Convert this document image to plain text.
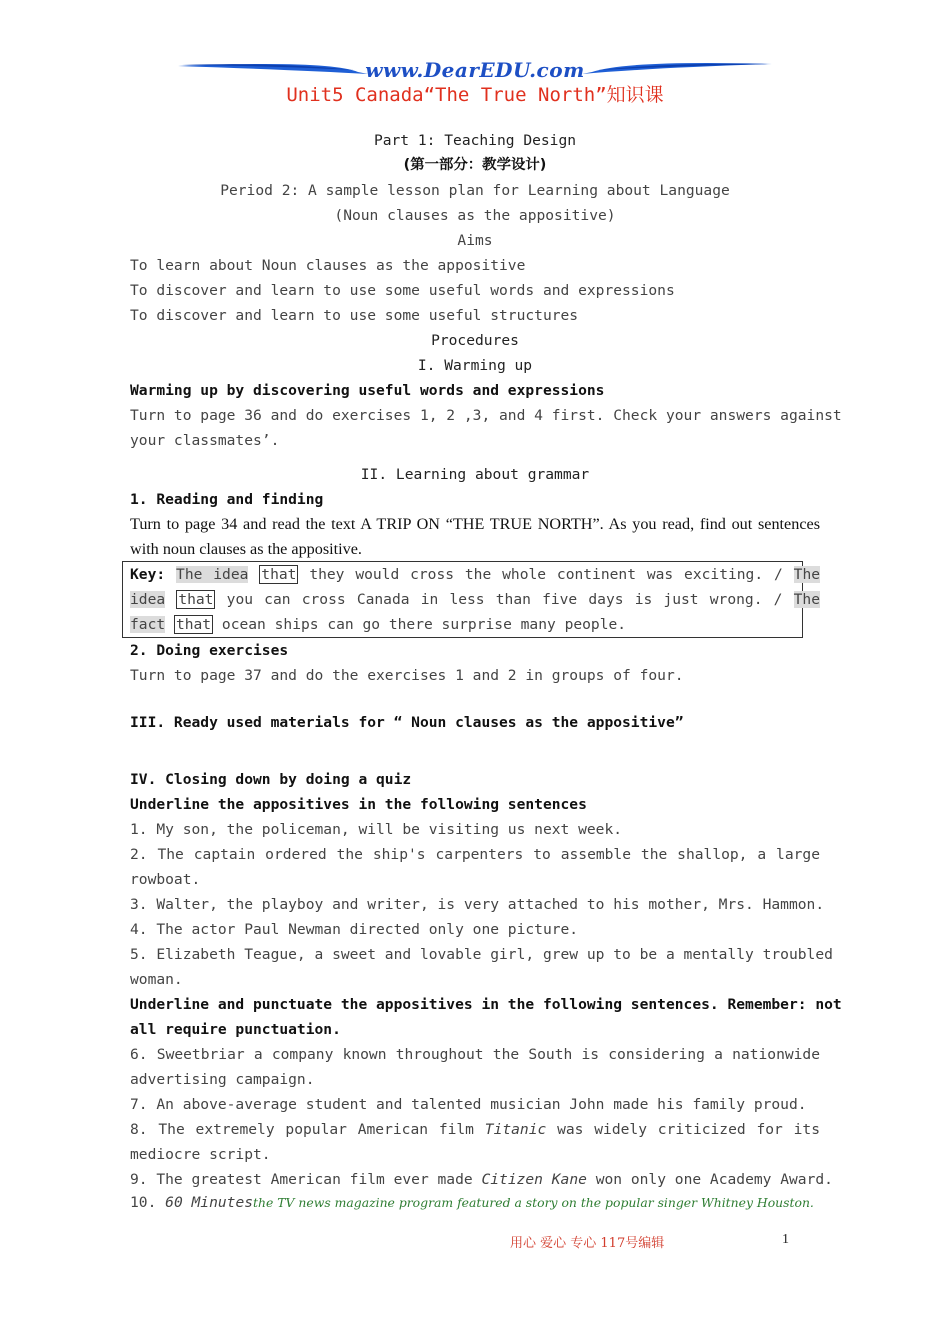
www.DearEDU.com
Unit5 Canada“The True North”知识课
Part 1: Teaching Design
(第一部分：教学设计)
Period 2: A sample lesson plan for Learning about Language
(Noun clauses as the appositive)
Aims
To learn about Noun clauses as the appositive
To discover and learn to use some useful words and expressions
To discover and learn to use some useful structures
Procedures
I. Warming up
Warming up by discovering useful words and expressions
Turn to page 36 and do exercises 1, 2 ,3, and 4 first. Check your answers against
your classmates’.
II. Learning about grammar
1. Reading and finding
Turn to page 34 and read the text A TRIP ON “THE TRUE NORTH”. As you read, find out sentences
with noun clauses as the appositive.
Key: The idea that they would cross the whole continent was exciting. / The
idea that you can cross Canada in less than five days is just wrong. / The
fact that ocean ships can go there surprise many people.
2. Doing exercises
Turn to page 37 and do the exercises 1 and 2 in groups of four.
III. Ready used materials for “ Noun clauses as the appositive”
IV. Closing down by doing a quiz
Underline the appositives in the following sentences
1. My son, the policeman, will be visiting us next week.
2. The captain ordered the ship's carpenters to assemble the shallop, a large
rowboat.
3. Walter, the playboy and writer, is very attached to his mother, Mrs. Hammon.
4. The actor Paul Newman directed only one picture.
5. Elizabeth Teague, a sweet and lovable girl, grew up to be a mentally troubled
woman.
Underline and punctuate the appositives in the following sentences. Remember: not
all require punctuation.
6. Sweetbriar a company known throughout the South is considering a nationwide
advertising campaign.
7. An above-average student and talented musician John made his family proud.
8. The extremely popular American film Titanic was widely criticized for its
mediocre script.
9. The greatest American film ever made Citizen Kane won only one Academy Award.
10. 60 Minutesthe TV news magazine program featured a story on the popular singer Whitney Houston.
用心 爱心 专心 117号编辑	1
